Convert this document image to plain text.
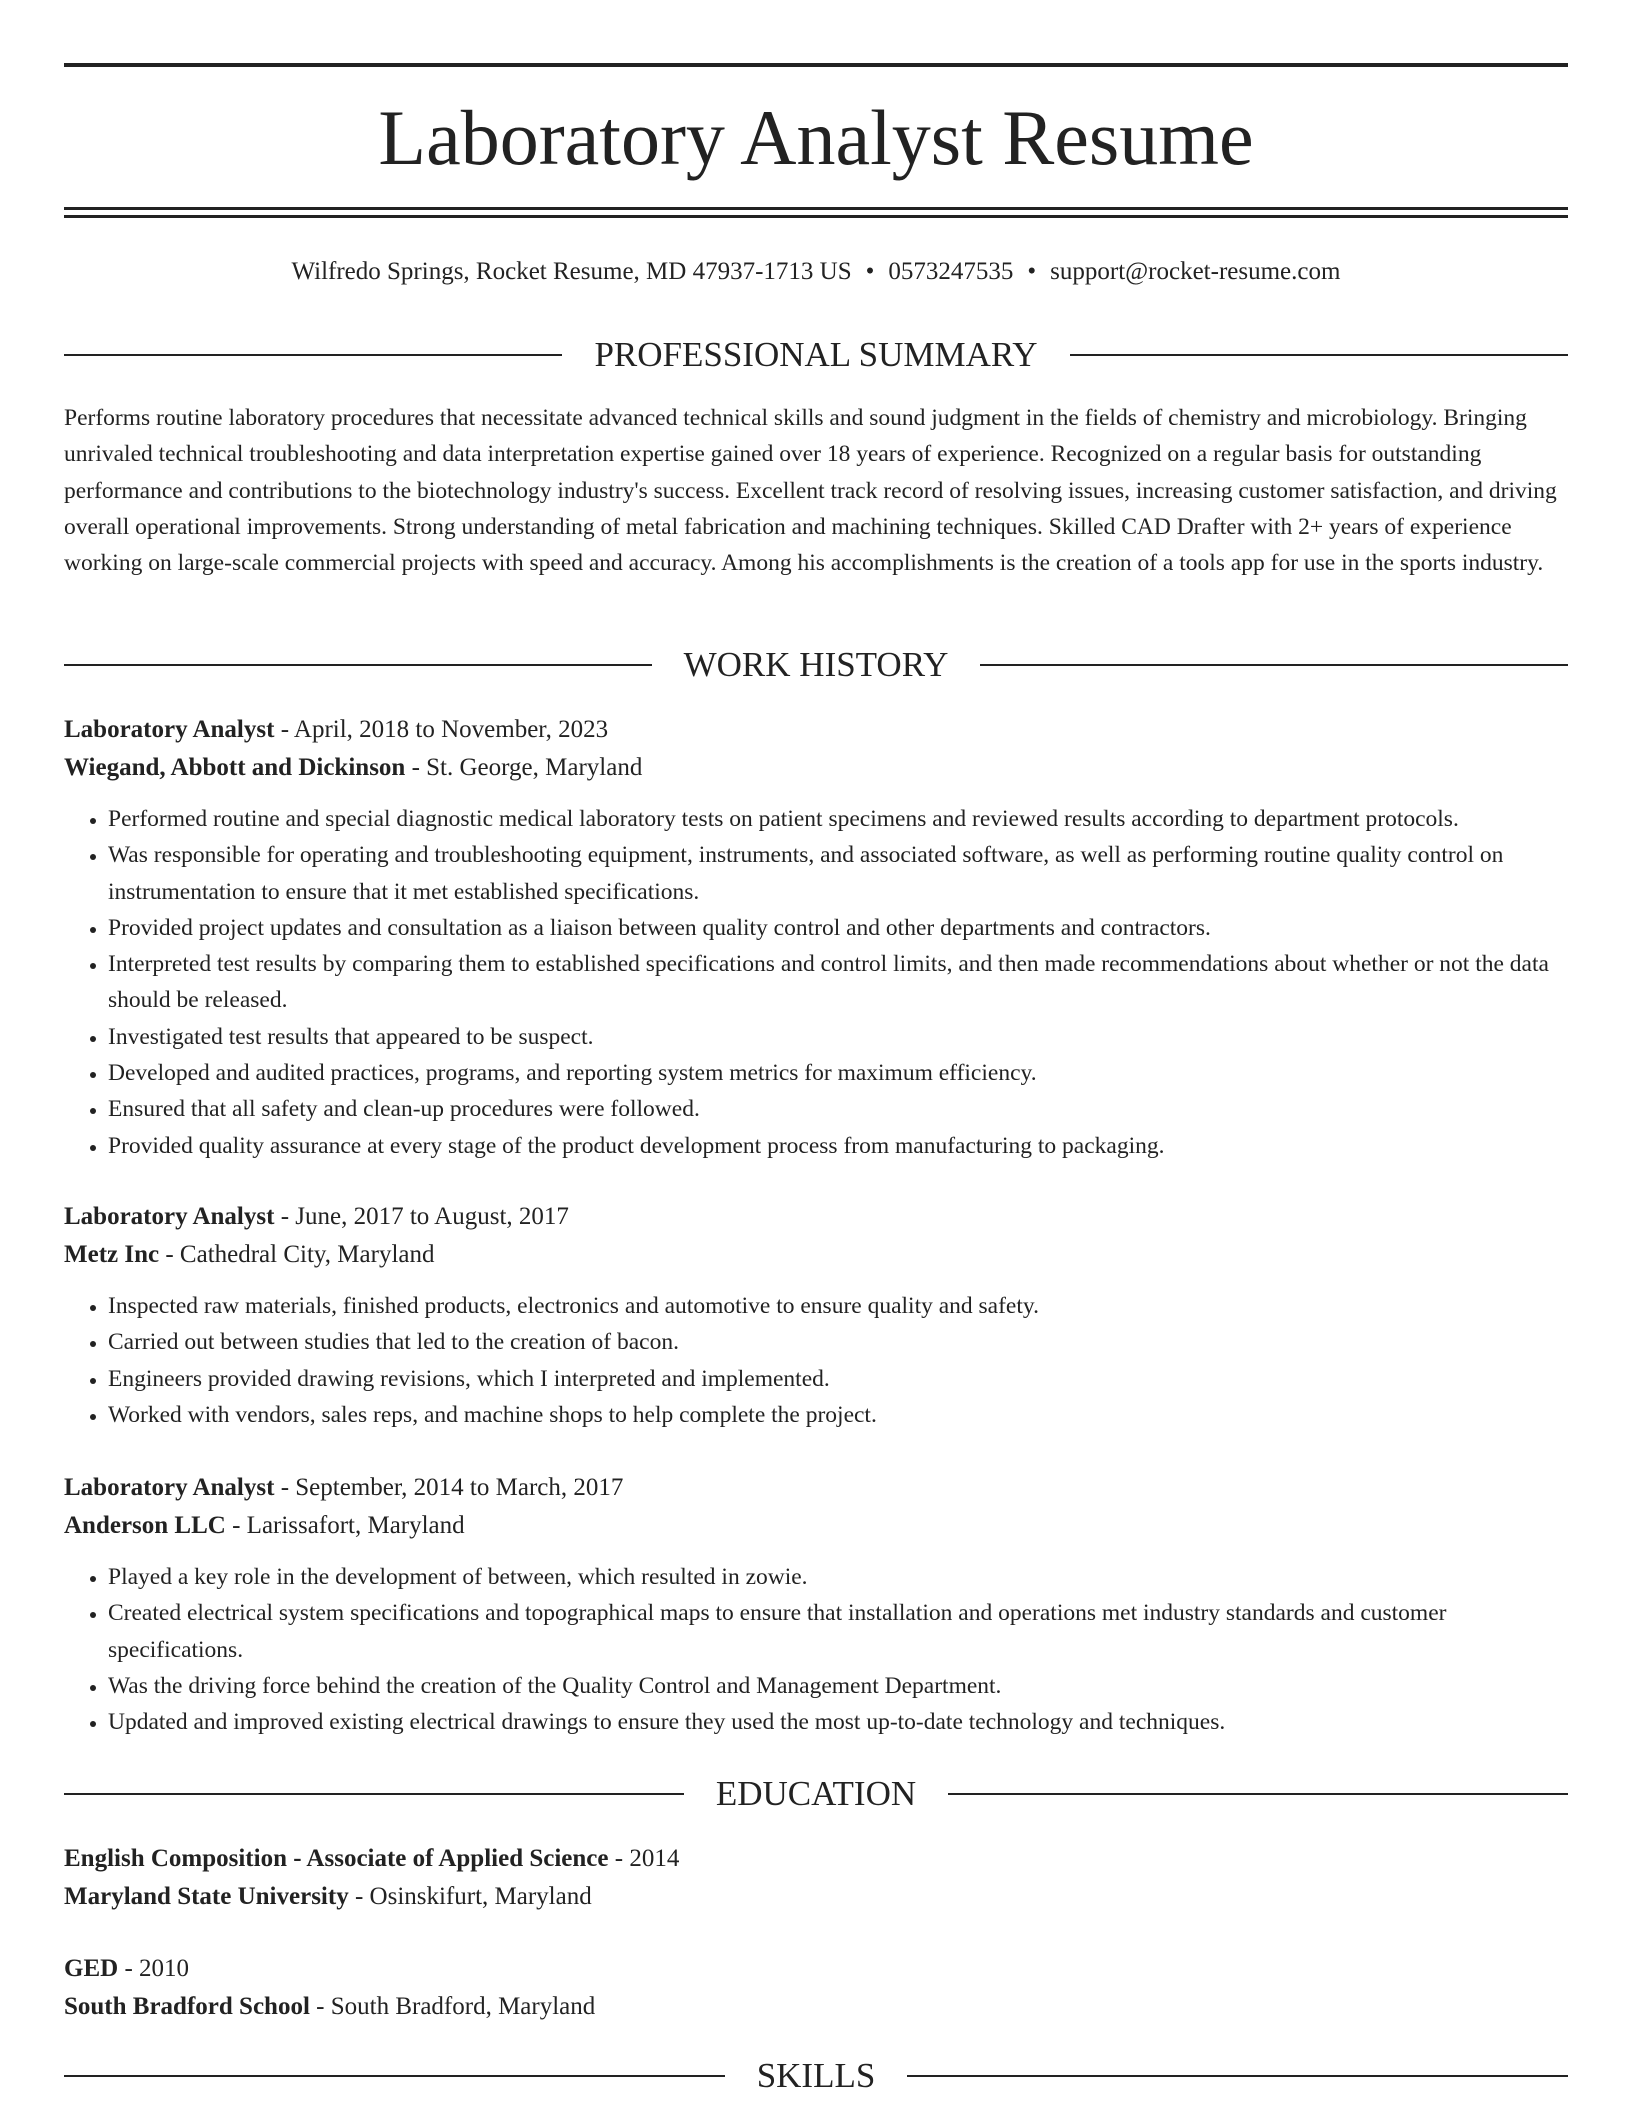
Laboratory Analyst Resume
Wilfredo Springs, Rocket Resume, MD 47937-1713 US • 0573247535 • support@rocket-resume.com
PROFESSIONAL SUMMARY

Performs routine laboratory procedures that necessitate advanced technical skills and sound judgment in the fields of chemistry and microbiology. Bringing unrivaled technical troubleshooting and data interpretation expertise gained over 18 years of experience. Recognized on a regular basis for outstanding performance and contributions to the biotechnology industry's success. Excellent track record of resolving issues, increasing customer satisfaction, and driving overall operational improvements. Strong understanding of metal fabrication and machining techniques. Skilled CAD Drafter with 2+ years of experience working on large-scale commercial projects with speed and accuracy. Among his accomplishments is the creation of a tools app for use in the sports industry.

WORK HISTORY
Laboratory Analyst - April, 2018 to November, 2023
Wiegand, Abbott and Dickinson - St. George, Maryland
• Performed routine and special diagnostic medical laboratory tests on patient specimens and reviewed results according to department protocols.
• Was responsible for operating and troubleshooting equipment, instruments, and associated software, as well as performing routine quality control on instrumentation to ensure that it met established specifications.
• Provided project updates and consultation as a liaison between quality control and other departments and contractors.
• Interpreted test results by comparing them to established specifications and control limits, and then made recommendations about whether or not the data should be released.
• Investigated test results that appeared to be suspect.
• Developed and audited practices, programs, and reporting system metrics for maximum efficiency.
• Ensured that all safety and clean-up procedures were followed.
• Provided quality assurance at every stage of the product development process from manufacturing to packaging.
Laboratory Analyst - June, 2017 to August, 2017
Metz Inc - Cathedral City, Maryland
• Inspected raw materials, finished products, electronics and automotive to ensure quality and safety.
• Carried out between studies that led to the creation of bacon.
• Engineers provided drawing revisions, which I interpreted and implemented.
• Worked with vendors, sales reps, and machine shops to help complete the project.
Laboratory Analyst - September, 2014 to March, 2017
Anderson LLC - Larissafort, Maryland
• Played a key role in the development of between, which resulted in zowie.
• Created electrical system specifications and topographical maps to ensure that installation and operations met industry standards and customer specifications.
• Was the driving force behind the creation of the Quality Control and Management Department.
• Updated and improved existing electrical drawings to ensure they used the most up-to-date technology and techniques.
EDUCATION
English Composition - Associate of Applied Science - 2014
Maryland State University - Osinskifurt, Maryland
GED - 2010
South Bradford School - South Bradford, Maryland
SKILLS
